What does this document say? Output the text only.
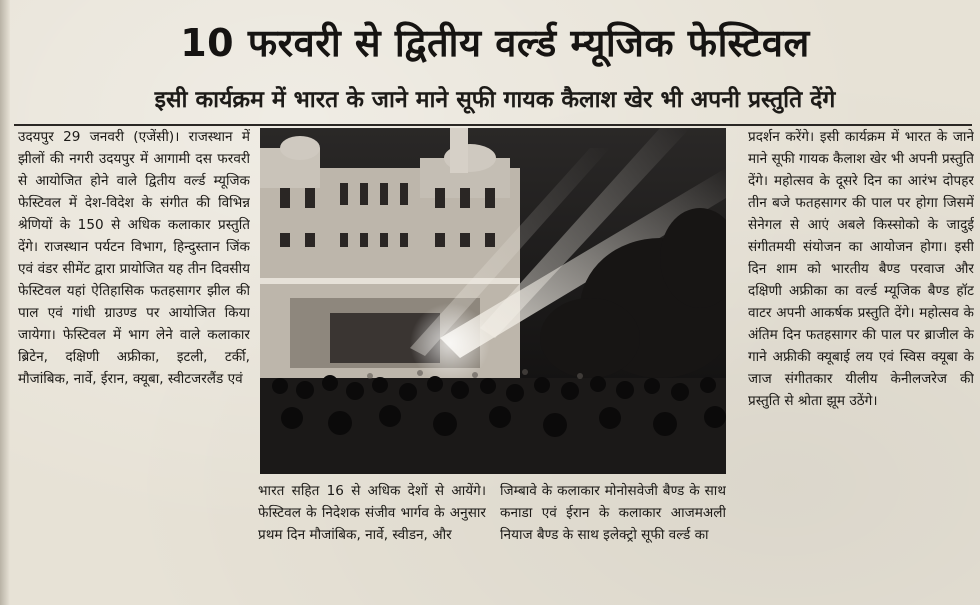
10 फरवरी से द्वितीय वर्ल्ड म्यूजिक फेस्टिवल
इसी कार्यक्रम में भारत के जाने माने सूफी गायक कैलाश खेर भी अपनी प्रस्तुति देंगे

उदयपुर 29 जनवरी (एजेंसी)। राजस्थान में झीलों की नगरी उदयपुर में आगामी दस फरवरी से आयोजित होने वाले द्वितीय वर्ल्ड म्यूजिक फेस्टिवल में देश-विदेश के संगीत की विभिन्न श्रेणियों के 150 से अधिक कलाकार प्रस्तुति देंगे। राजस्थान पर्यटन विभाग, हिन्दुस्तान जिंक एवं वंडर सीमेंट द्वारा प्रायोजित यह तीन दिवसीय फेस्टिवल यहां ऐतिहासिक फतहसागर झील की पाल एवं गांधी ग्राउण्ड पर आयोजित किया जायेगा। फेस्टिवल में भाग लेने वाले कलाकार ब्रिटेन, दक्षिणी अफ्रीका, इटली, टर्की, मौजांबिक, नार्वे, ईरान, क्यूबा, स्वीटजरलैंड एवं

भारत सहित 16 से अधिक देशों से आयेंगे। फेस्टिवल के निदेशक संजीव भार्गव के अनुसार प्रथम दिन मौजांबिक, नार्वे, स्वीडन, और

जिम्बावे के कलाकार मोनोसवेजी बैण्ड के साथ कनाडा एवं ईरान के कलाकार आजमअली नियाज बैण्ड के साथ इलेक्ट्रो सूफी वर्ल्ड का

प्रदर्शन करेंगे। इसी कार्यक्रम में भारत के जाने माने सूफी गायक कैलाश खेर भी अपनी प्रस्तुति देंगे। महोत्सव के दूसरे दिन का आरंभ दोपहर तीन बजे फतहसागर की पाल पर होगा जिसमें सेनेगल से आएं अबले किस्सोको के जादुई संगीतमयी संयोजन का आयोजन होगा। इसी दिन शाम को भारतीय बैण्ड परवाज और दक्षिणी अफ्रीका का वर्ल्ड म्यूजिक बैण्ड हॉट वाटर अपनी आकर्षक प्रस्तुति देंगे। महोत्सव के अंतिम दिन फतहसागर की पाल पर ब्राजील के गाने अफ्रीकी क्यूबाई लय एवं स्विस क्यूबा के जाज संगीतकार यीलीय केनीलजरेज की प्रस्तुति से श्रोता झूम उठेंगे।
